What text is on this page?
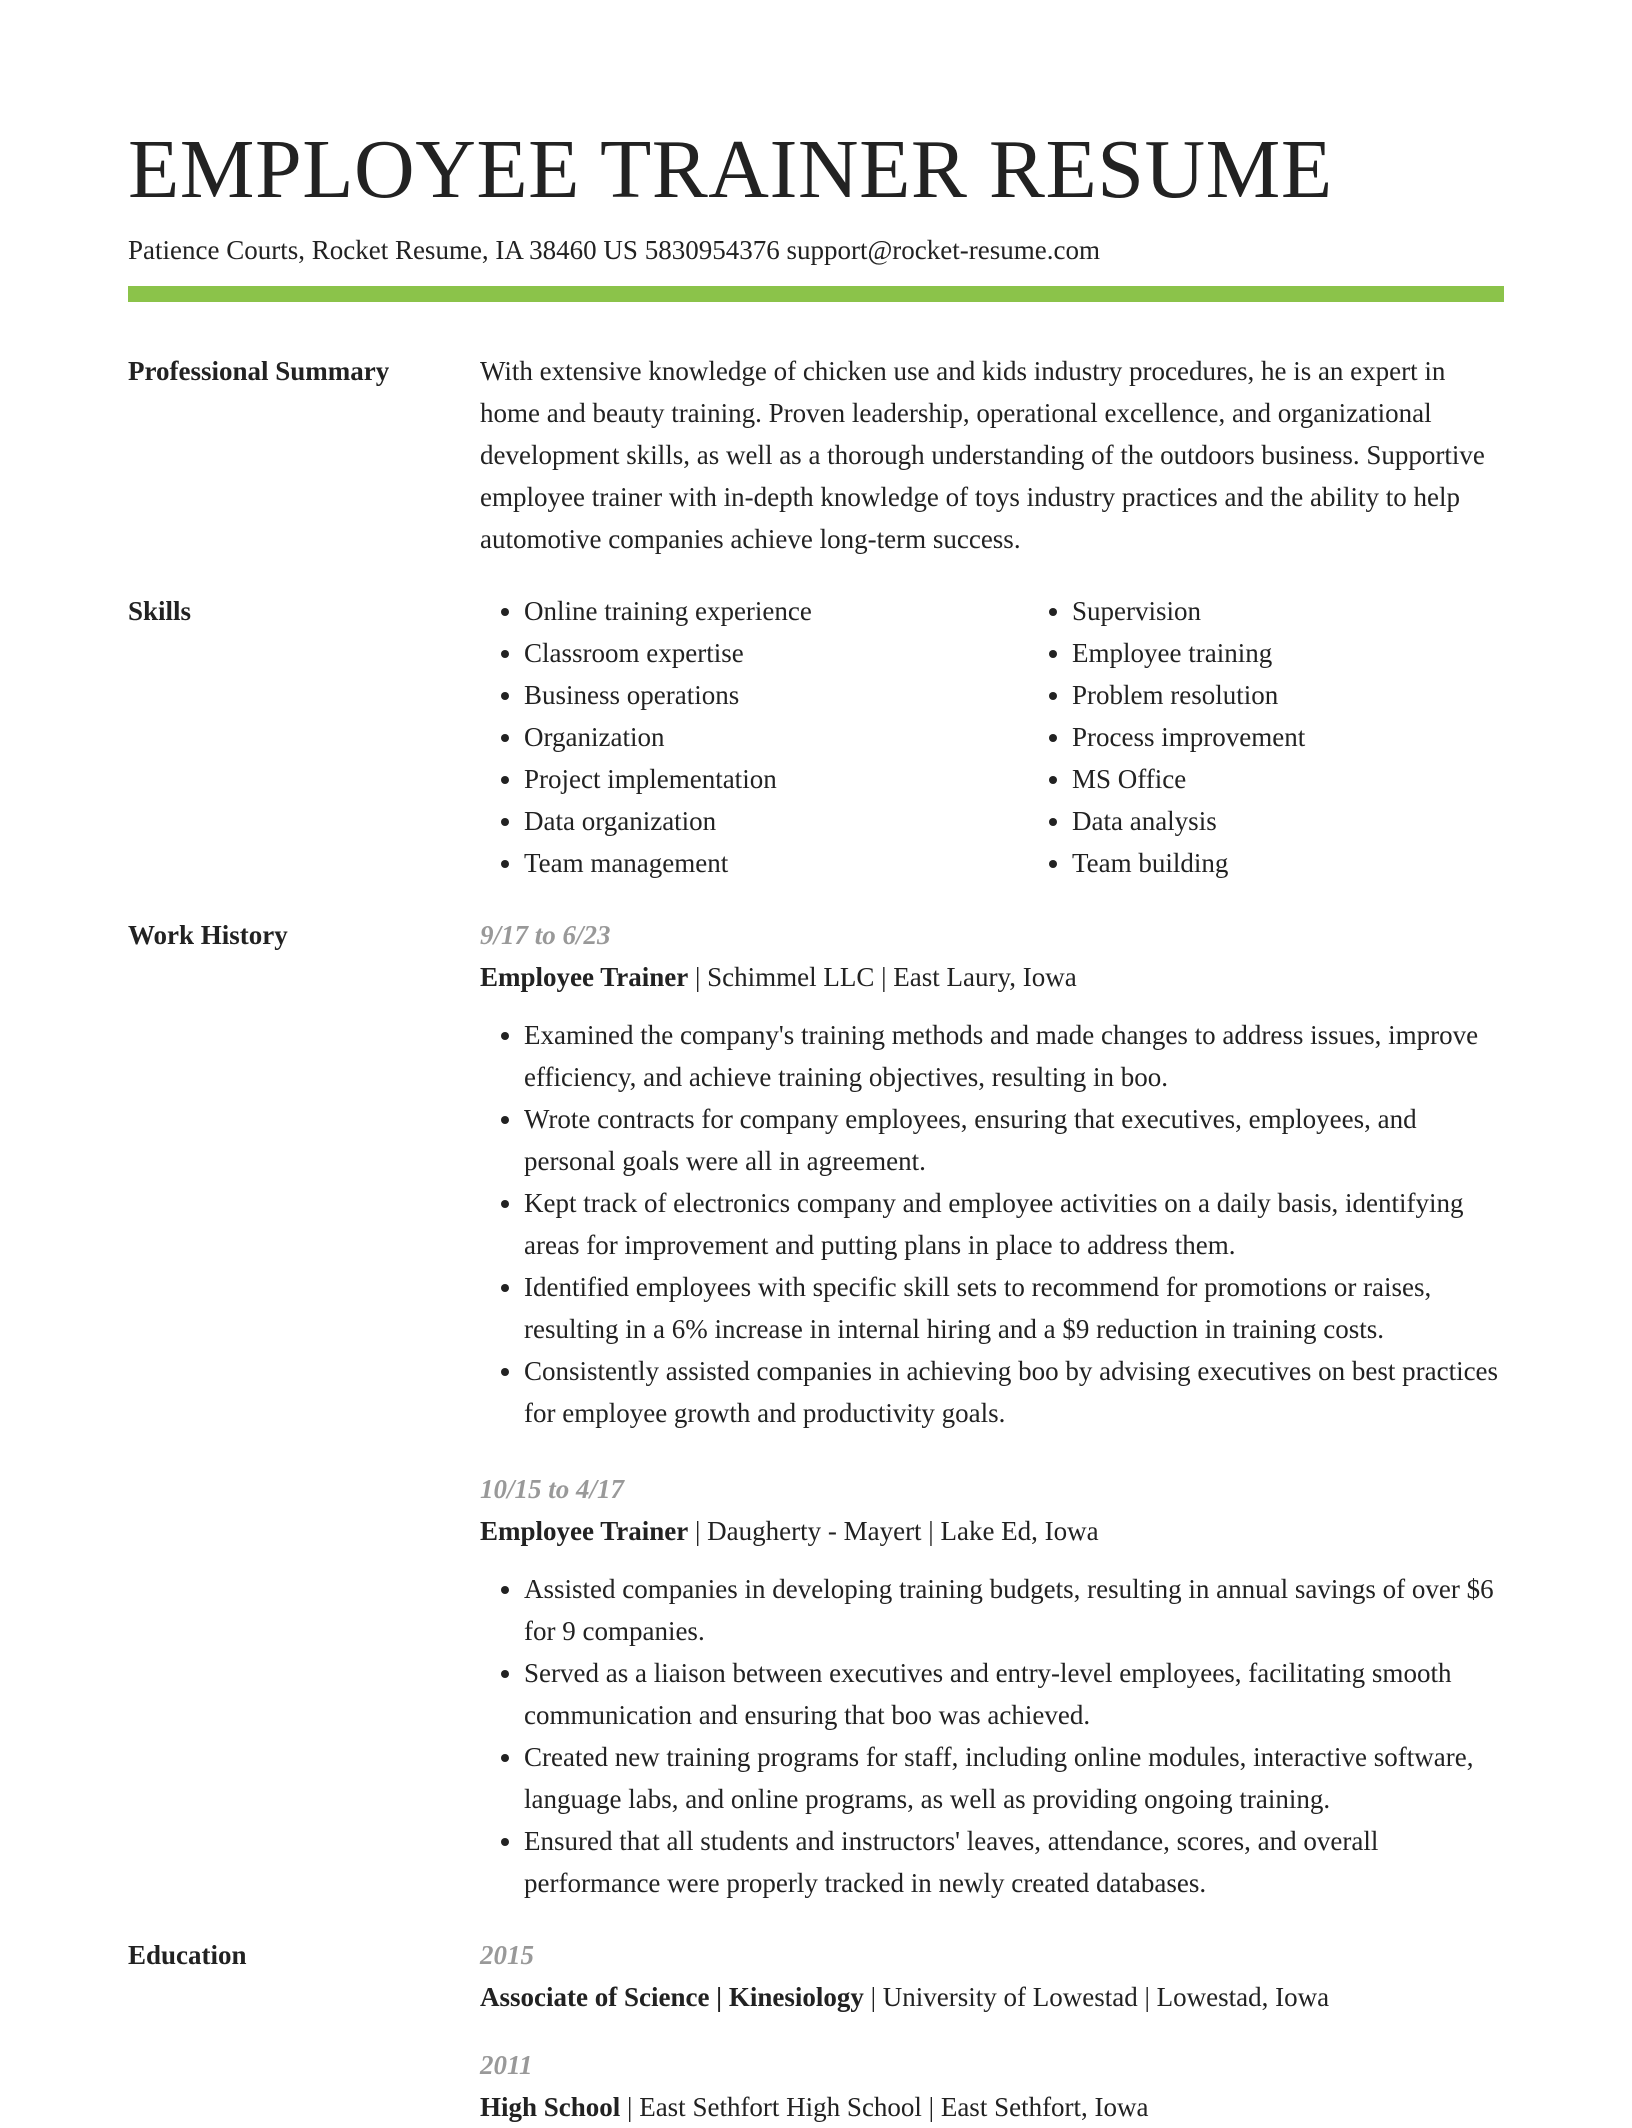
EMPLOYEE TRAINER RESUME
Patience Courts, Rocket Resume, IA 38460 US 5830954376 support@rocket-resume.com
Professional Summary	With extensive knowledge of chicken use and kids industry procedures, he is an expert in home and beauty training. Proven leadership, operational excellence, and organizational development skills, as well as a thorough understanding of the outdoors business. Supportive employee trainer with in-depth knowledge of toys industry practices and the ability to help automotive companies achieve long-term success.
Skills
•	Online training experience
• Classroom expertise
• Business operations
• Organization
• Project implementation
• Data organization
• Team management
• Supervision
• Employee training
• Problem resolution
• Process improvement
• MS Office
• Data analysis
• Team building
Work History	9/17 to 6/23
Employee Trainer | Schimmel LLC | East Laury, Iowa
• Examined the company's training methods and made changes to address issues, improve efficiency, and achieve training objectives, resulting in boo.
• Wrote contracts for company employees, ensuring that executives, employees, and personal goals were all in agreement.
• Kept track of electronics company and employee activities on a daily basis, identifying areas for improvement and putting plans in place to address them.
• Identified employees with specific skill sets to recommend for promotions or raises, resulting in a 6% increase in internal hiring and a $9 reduction in training costs.
• Consistently assisted companies in achieving boo by advising executives on best practices for employee growth and productivity goals.
10/15 to 4/17
Employee Trainer | Daugherty - Mayert | Lake Ed, Iowa
• Assisted companies in developing training budgets, resulting in annual savings of over $6 for 9 companies.
• Served as a liaison between executives and entry-level employees, facilitating smooth communication and ensuring that boo was achieved.
• Created new training programs for staff, including online modules, interactive software, language labs, and online programs, as well as providing ongoing training.
• Ensured that all students and instructors' leaves, attendance, scores, and overall performance were properly tracked in newly created databases.
Education	2015
Associate of Science | Kinesiology | University of Lowestad | Lowestad, Iowa
2011
High School | East Sethfort High School | East Sethfort, Iowa
